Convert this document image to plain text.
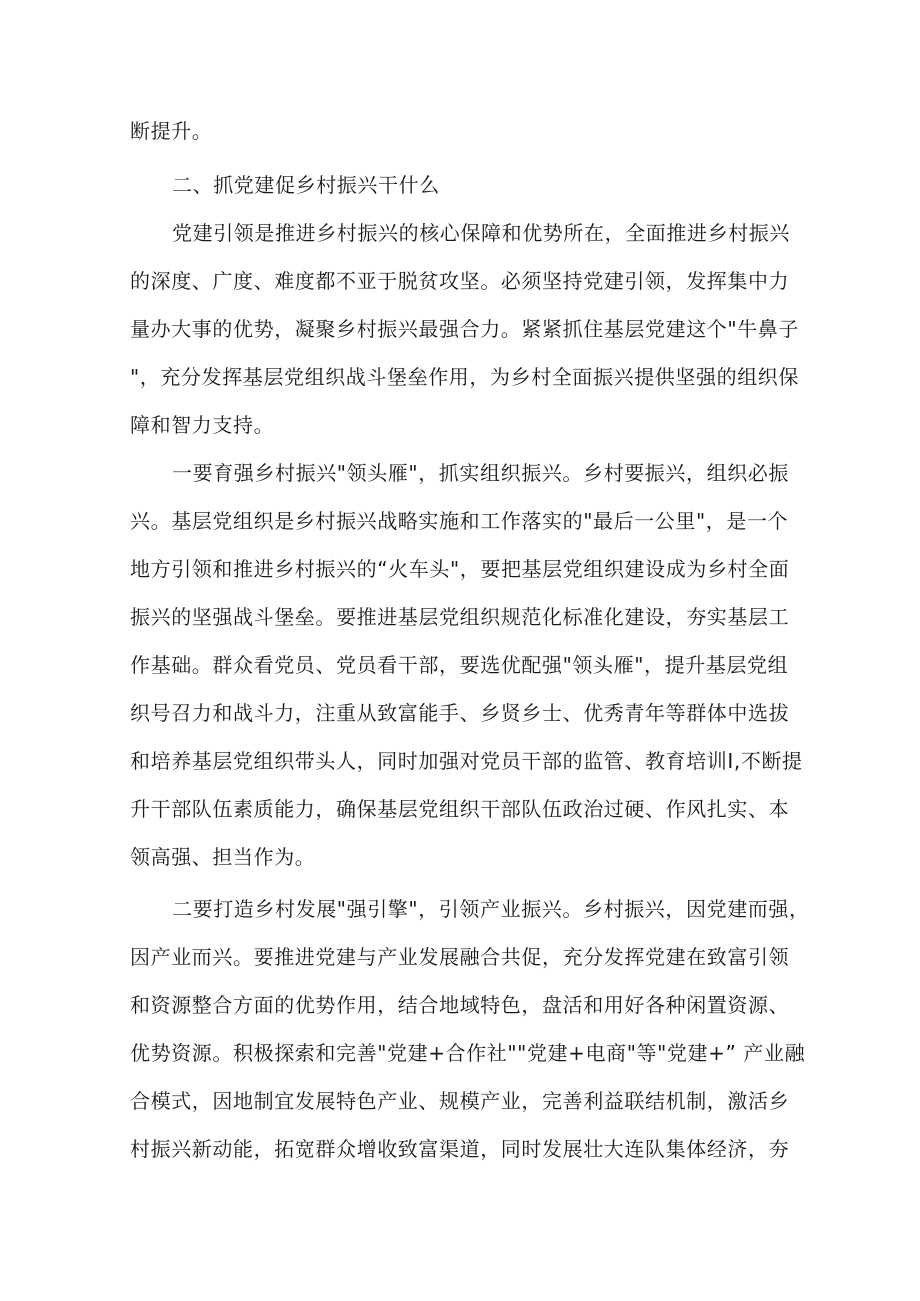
断提升。
二、抓党建促乡村振兴干什么
党建引领是推进乡村振兴的核心保障和优势所在，全面推进乡村振兴
的深度、广度、难度都不亚于脱贫攻坚。必须坚持党建引领，发挥集中力
量办大事的优势，凝聚乡村振兴最强合力。紧紧抓住基层党建这个"牛鼻子
"，充分发挥基层党组织战斗堡垒作用，为乡村全面振兴提供坚强的组织保
障和智力支持。
一要育强乡村振兴"领头雁"，抓实组织振兴。乡村要振兴，组织必振
兴。基层党组织是乡村振兴战略实施和工作落实的"最后一公里"，是一个
地方引领和推进乡村振兴的“火车头"，要把基层党组织建设成为乡村全面
振兴的坚强战斗堡垒。要推进基层党组织规范化标准化建设，夯实基层工
作基础。群众看党员、党员看干部，要选优配强"领头雁"，提升基层党组
织号召力和战斗力，注重从致富能手、乡贤乡士、优秀青年等群体中选拔
和培养基层党组织带头人，同时加强对党员干部的监管、教育培训I,不断提
升干部队伍素质能力，确保基层党组织干部队伍政治过硬、作风扎实、本
领高强、担当作为。
二要打造乡村发展"强引擎"，引领产业振兴。乡村振兴，因党建而强，
因产业而兴。要推进党建与产业发展融合共促，充分发挥党建在致富引领
和资源整合方面的优势作用，结合地域特色，盘活和用好各种闲置资源、
优势资源。积极探索和完善"党建+合作社""党建+电商"等"党建+” 产业融
合模式，因地制宜发展特色产业、规模产业，完善利益联结机制，激活乡
村振兴新动能，拓宽群众增收致富渠道，同时发展壮大连队集体经济，夯
